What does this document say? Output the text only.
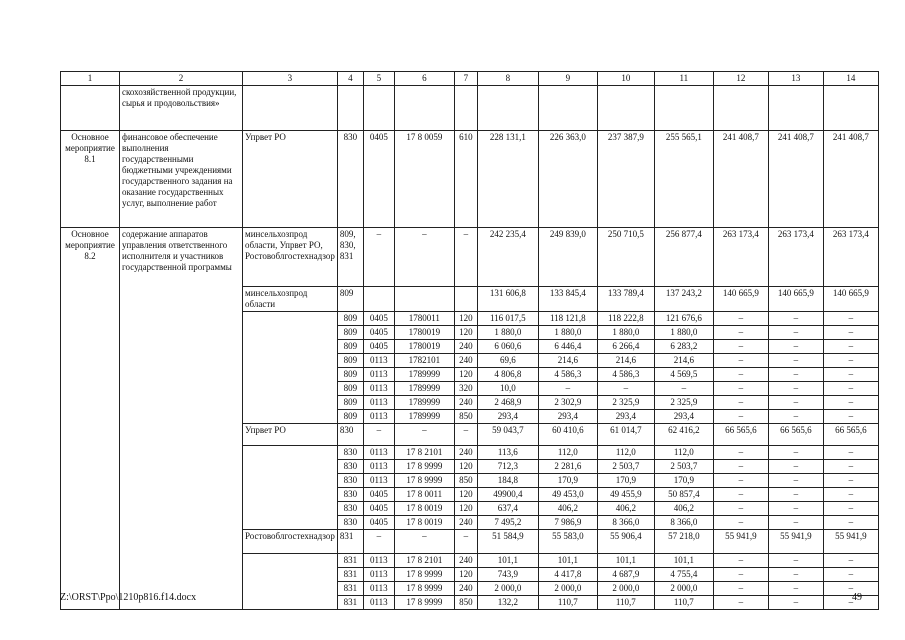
1	2	3	4	5	6	7	8	9	10	11	12	13	14
	скохозяйственной продукции, сырья и продовольствия»												
Основное мероприятие 8.1	финансовое обеспечение выполнения государственными бюджетными учреждениями государственного задания на оказание государственных услуг, выполнение работ	Упрвет РО	830	0405	17 8 0059	610	228 131,1	226 363,0	237 387,9	255 565,1	241 408,7	241 408,7	241 408,7
Основное мероприятие 8.2	содержание аппаратов управления ответственного исполнителя и участников государственной программы	минсельхозпрод области, Упрвет РО, Ростовоблгостехнадзор	809, 830, 831	–	–	–	242 235,4	249 839,0	250 710,5	256 877,4	263 173,4	263 173,4	263 173,4
		минсельхозпрод области	809				131 606,8	133 845,4	133 789,4	137 243,2	140 665,9	140 665,9	140 665,9
			809	0405	1780011	120	116 017,5	118 121,8	118 222,8	121 676,6	–	–	–
			809	0405	1780019	120	1 880,0	1 880,0	1 880,0	1 880,0	–	–	–
			809	0405	1780019	240	6 060,6	6 446,4	6 266,4	6 283,2	–	–	–
			809	0113	1782101	240	69,6	214,6	214,6	214,6	–	–	–
			809	0113	1789999	120	4 806,8	4 586,3	4 586,3	4 569,5	–	–	–
			809	0113	1789999	320	10,0	–	–	–	–	–	–
			809	0113	1789999	240	2 468,9	2 302,9	2 325,9	2 325,9	–	–	–
			809	0113	1789999	850	293,4	293,4	293,4	293,4	–	–	–
		Упрвет РО	830	–	–	–	59 043,7	60 410,6	61 014,7	62 416,2	66 565,6	66 565,6	66 565,6
			830	0113	17 8 2101	240	113,6	112,0	112,0	112,0	–	–	–
			830	0113	17 8 9999	120	712,3	2 281,6	2 503,7	2 503,7	–	–	–
			830	0113	17 8 9999	850	184,8	170,9	170,9	170,9	–	–	–
			830	0405	17 8 0011	120	49900,4	49 453,0	49 455,9	50 857,4	–	–	–
			830	0405	17 8 0019	120	637,4	406,2	406,2	406,2	–	–	–
			830	0405	17 8 0019	240	7 495,2	7 986,9	8 366,0	8 366,0	–	–	–
		Ростовоблгостехнадзор	831	–	–	–	51 584,9	55 583,0	55 906,4	57 218,0	55 941,9	55 941,9	55 941,9
			831	0113	17 8 2101	240	101,1	101,1	101,1	101,1	–	–	–
			831	0113	17 8 9999	120	743,9	4 417,8	4 687,9	4 755,4	–	–	–
			831	0113	17 8 9999	240	2 000,0	2 000,0	2 000,0	2 000,0	–	–	–
			831	0113	17 8 9999	850	132,2	110,7	110,7	110,7	–	–	–
Z:\ORST\Ppo\1210p816.f14.docx	49
